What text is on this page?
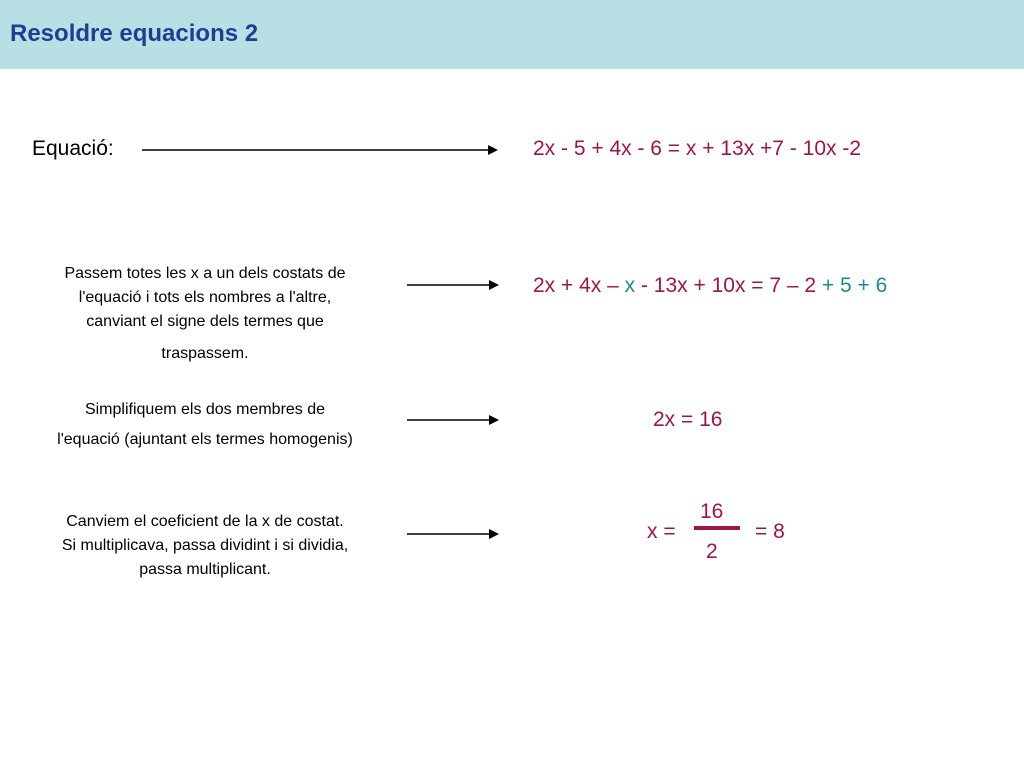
Resoldre equacions 2
Equació:	2x - 5 + 4x - 6 = x + 13x +7 - 10x -2
Passem totes les x a un dels costats de
l'equació i tots els nombres a l'altre,
canviant el signe dels termes que
traspassem.
2x + 4x – x - 13x + 10x = 7 – 2 + 5 + 6
Simplifiquem els dos membres de
l'equació (ajuntant els termes homogenis)
2x = 16
Canviem el coeficient de la x de costat.
Si multiplicava, passa dividint i si dividia,
passa multiplicant.
x =
16
2
= 8
